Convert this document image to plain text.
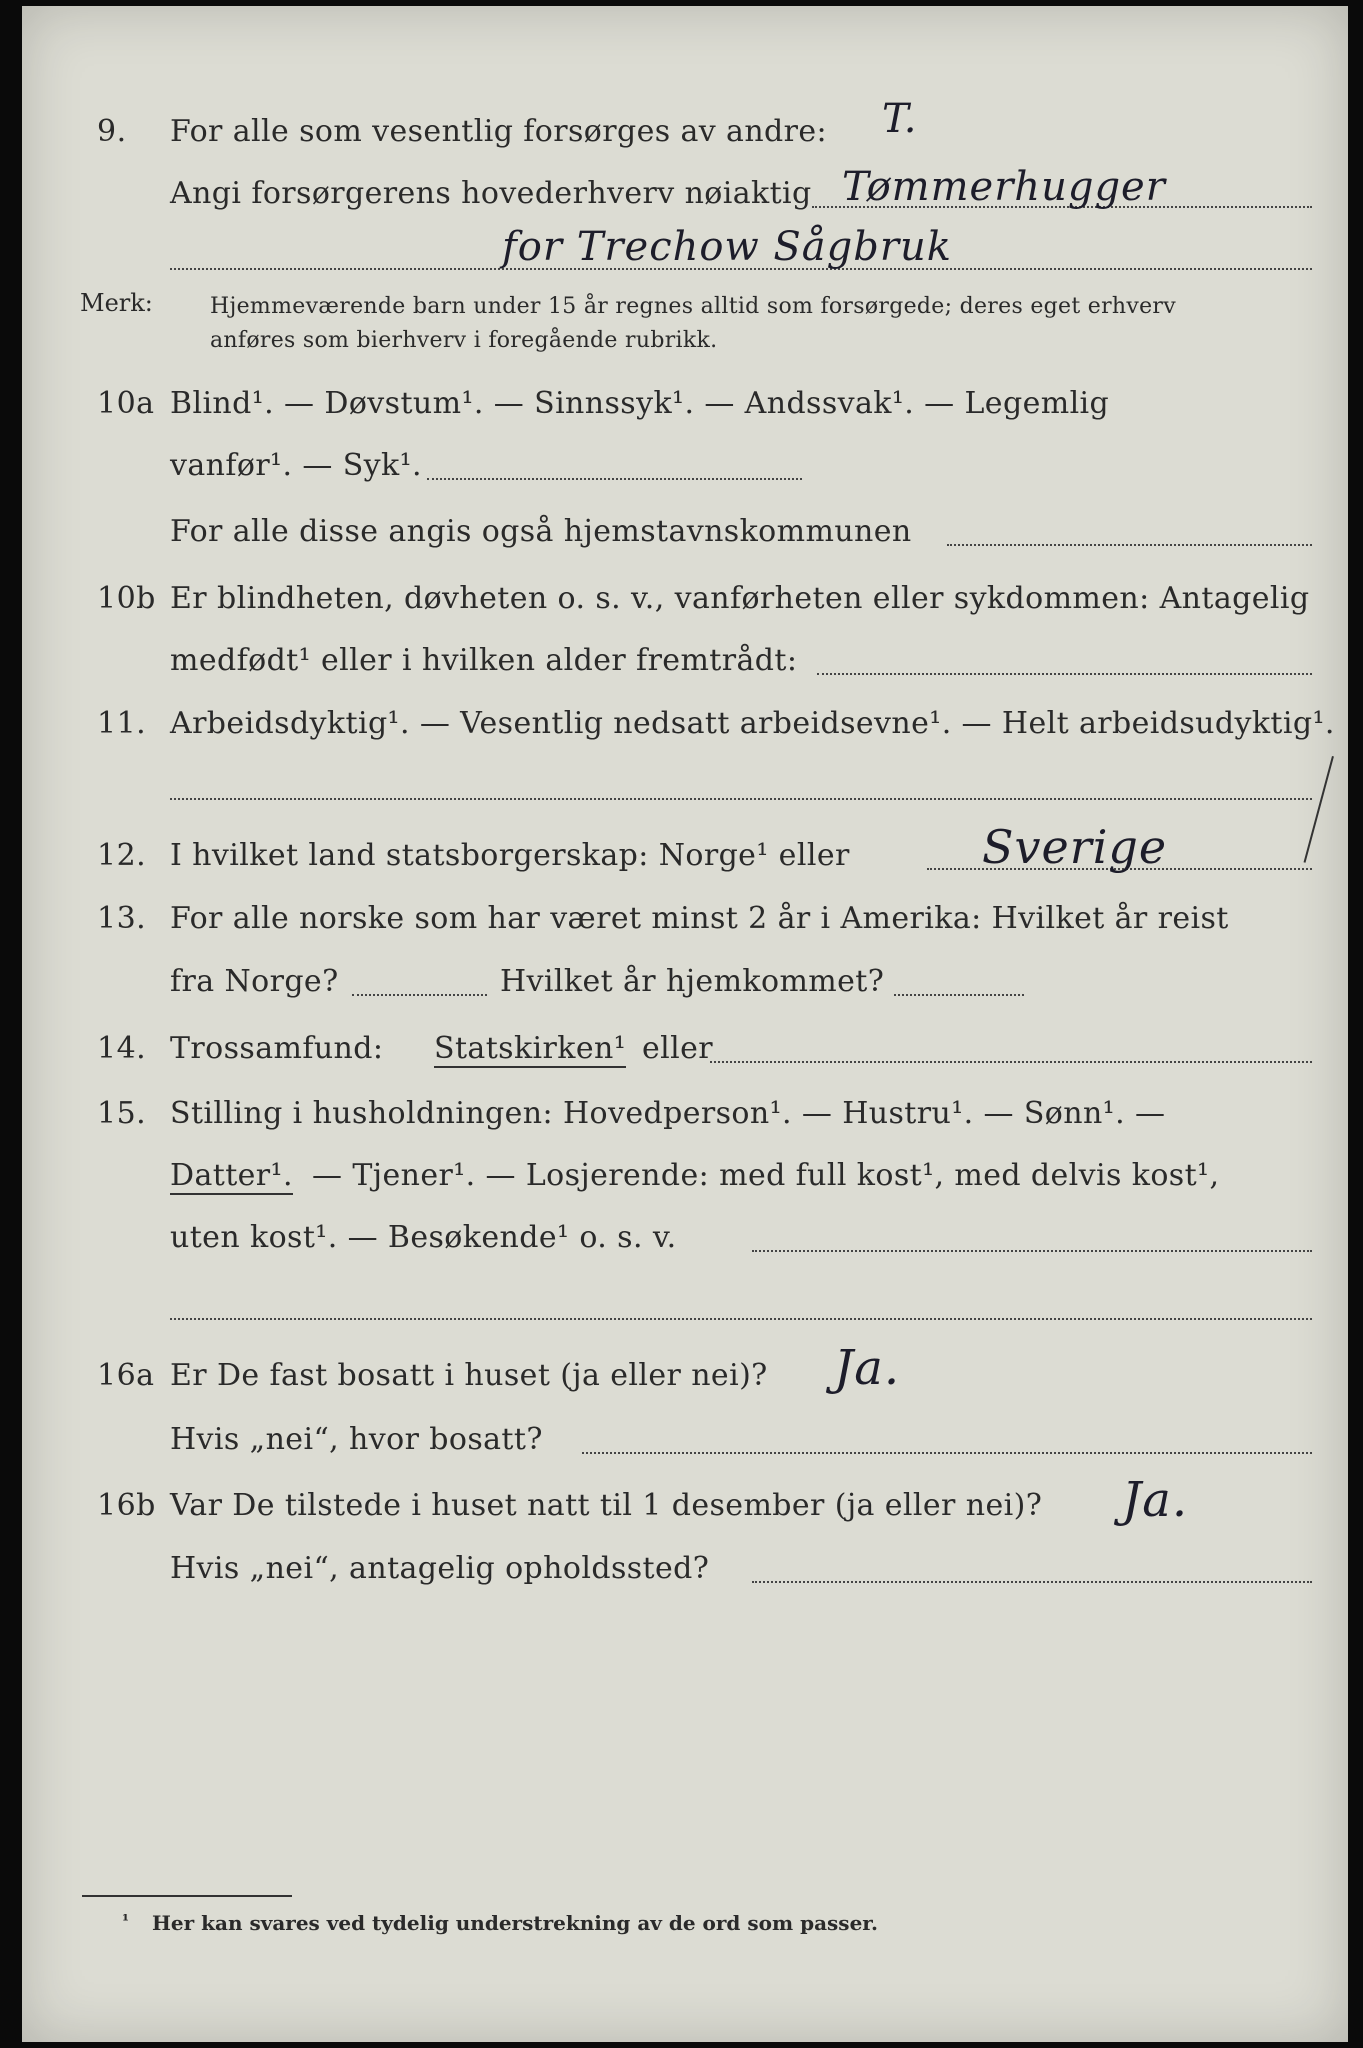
9. For alle som vesentlig forsørges av andre: T.
Angi forsørgerens hovederhverv nøiaktig Tømmerhugger
for Trechow Sågbruk
Merk:	Hjemmeværende barn under 15 år regnes alltid som forsørgede; deres eget erhverv
anføres som bierhverv i foregående rubrikk.
10a Blind¹. — Døvstum¹. — Sinnssyk¹. — Andssvak¹. — Legemlig
vanfør¹. — Syk¹.
For alle disse angis også hjemstavnskommunen
10b Er blindheten, døvheten o. s. v., vanførheten eller sykdommen: Antagelig
medfødt¹ eller i hvilken alder fremtrådt:
11. Arbeidsdyktig¹. — Vesentlig nedsatt arbeidsevne¹. — Helt arbeidsudyktig¹.
12. I hvilket land statsborgerskap: Norge¹ eller	Sverige
13. For alle norske som har været minst 2 år i Amerika: Hvilket år reist
fra Norge?	Hvilket år hjemkommet?
14. Trossamfund: Statskirken¹ eller
15. Stilling i husholdningen: Hovedperson¹. — Hustru¹. — Sønn¹. —
Datter¹. — Tjener¹. — Losjerende: med full kost¹, med delvis kost¹,
uten kost¹. — Besøkende¹ o. s. v.
16a Er De fast bosatt i huset (ja eller nei)? Ja.
Hvis „nei“, hvor bosatt?
16b Var De tilstede i huset natt til 1 desember (ja eller nei)? Ja.
Hvis „nei“, antagelig opholdssted?
¹ Her kan svares ved tydelig understrekning av de ord som passer.
